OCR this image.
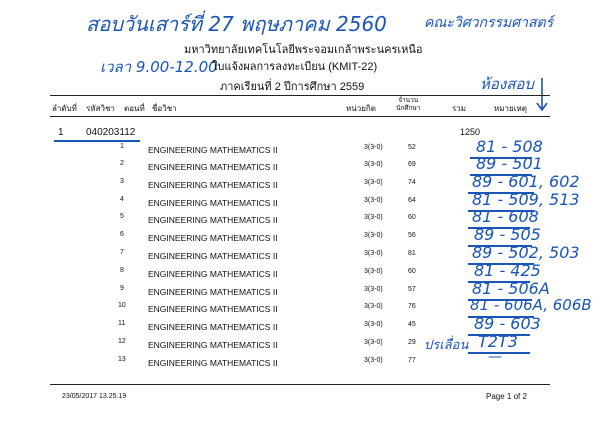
สอบวันเสาร์ที่ 27 พฤษภาคม 2560	คณะวิศวกรรมศาสตร์
เวลา 9.00-12.00
ห้องสอบ
มหาวิทยาลัยเทคโนโลยีพระจอมเกล้าพระนครเหนือ
ใบแจ้งผลการลงทะเบียน (KMIT-22)
ภาคเรียนที่ 2 ปีการศึกษา 2559
ลำดับที่ รหัสวิชา ตอนที่ ชื่อวิชา	หน่วยกิต
จำนวน
นักศึกษา	รวม	หมายเหตุ
1 040203112	1250
1	ENGINEERING MATHEMATICS II	3(3-0)	52	81 - 508
2	ENGINEERING MATHEMATICS II	3(3-0)	69	89 - 501
3	ENGINEERING MATHEMATICS II	3(3-0)	74	89 - 601, 602
4	ENGINEERING MATHEMATICS II	3(3-0)	64	81 - 509, 513
5	ENGINEERING MATHEMATICS II	3(3-0)	60	81 - 608
6	ENGINEERING MATHEMATICS II	3(3-0)	56	89 - 505
7	ENGINEERING MATHEMATICS II	3(3-0)	81	89 - 502, 503
8	ENGINEERING MATHEMATICS II	3(3-0)	60	81 - 425
9	ENGINEERING MATHEMATICS II	3(3-0)	57	81 - 506A
10	ENGINEERING MATHEMATICS II	3(3-0)	76	81 - 606A, 606B
11	ENGINEERING MATHEMATICS II	3(3-0)	45	89 - 603
12	ENGINEERING MATHEMATICS II	3(3-0)	29 ปรเลื่อน T2T3
13	ENGINEERING MATHEMATICS II	3(3-0)	77	—
23/05/2017 13.25.19	Page 1 of 2
